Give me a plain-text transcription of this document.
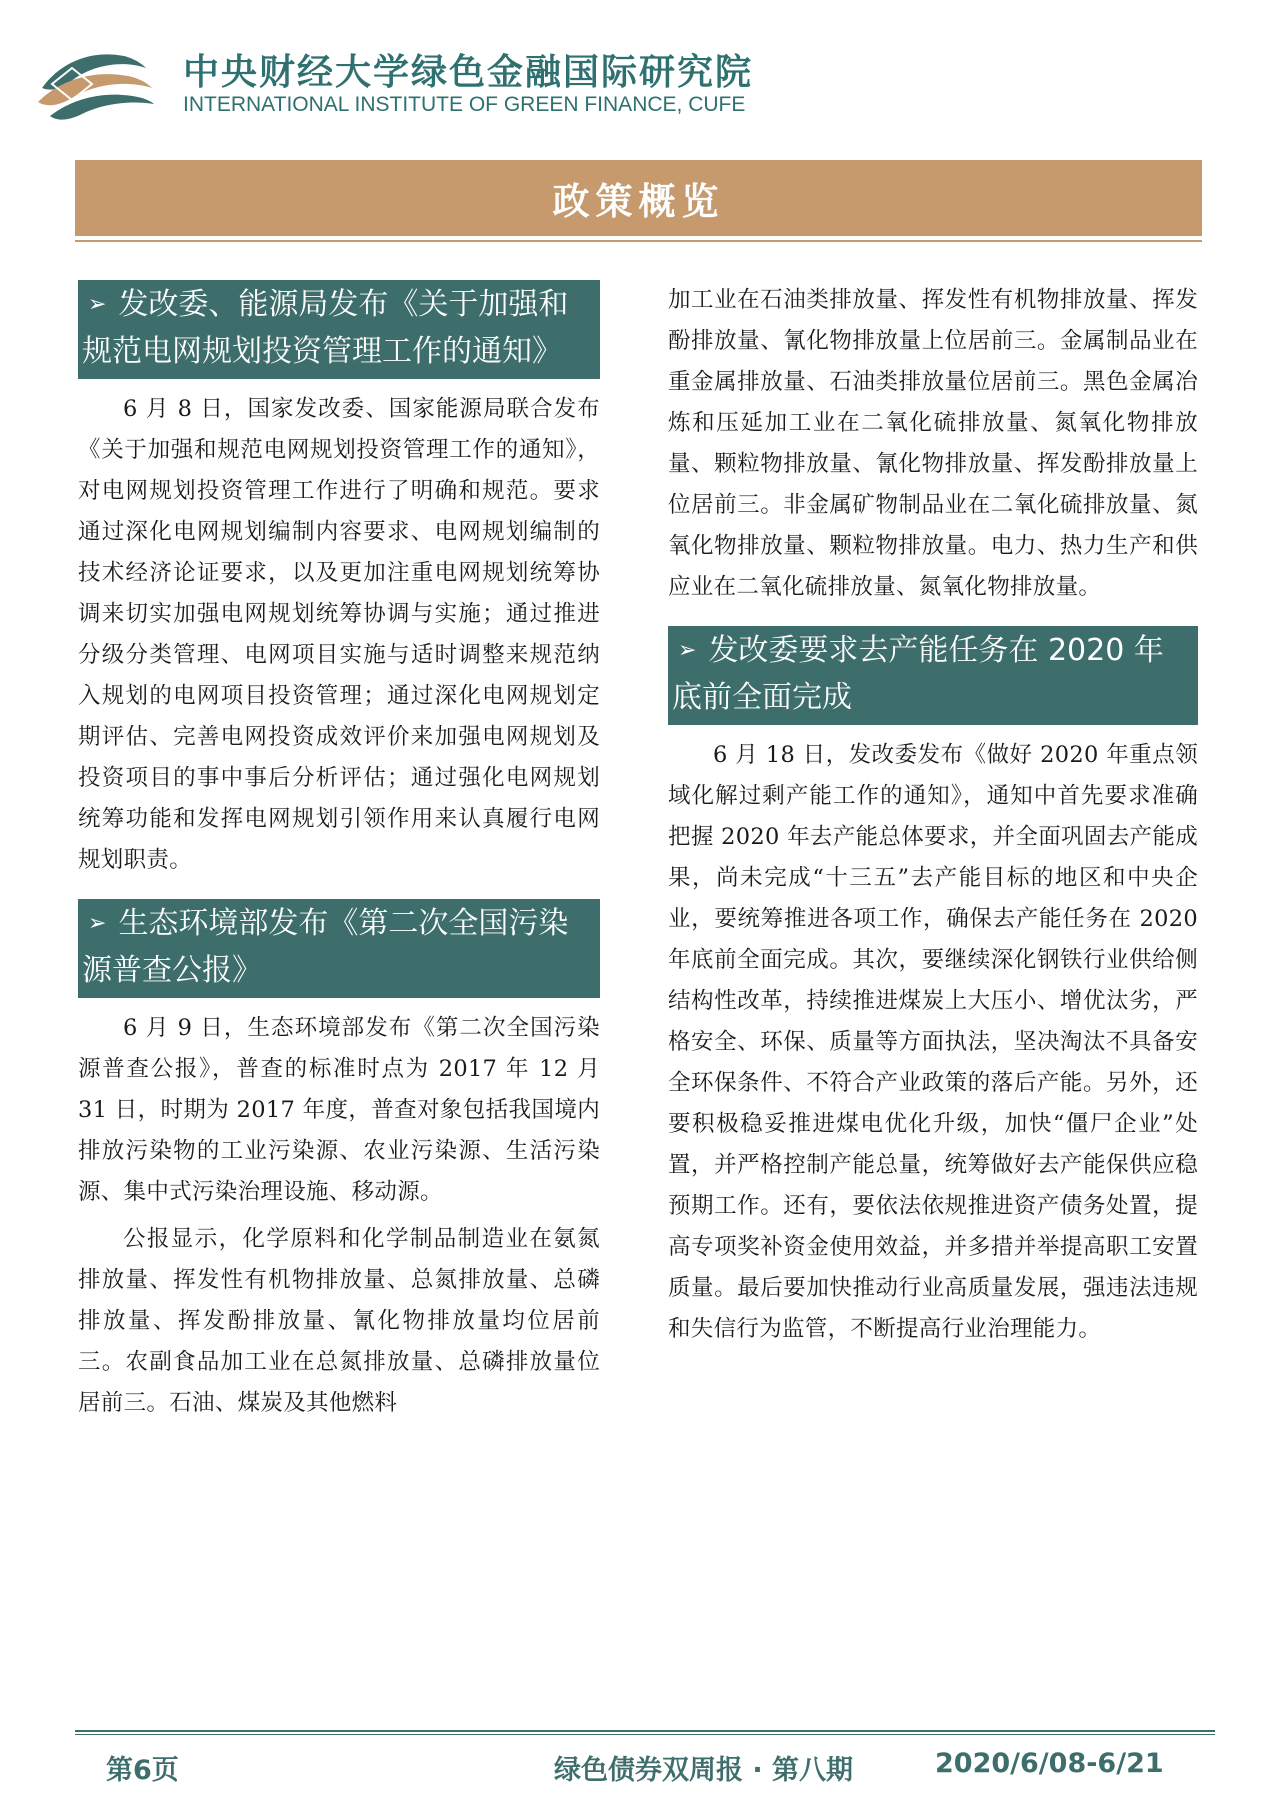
中央财经大学绿色金融国际研究院
INTERNATIONAL INSTITUTE OF GREEN FINANCE, CUFE
政策概览
➢ 发改委、能源局发布《关于加强和规范电网规划投资管理工作的通知》

6 月 8 日，国家发改委、国家能源局联合发布《关于加强和规范电网规划投资管理工作的通知》，对电网规划投资管理工作进行了明确和规范。要求通过深化电网规划编制内容要求、电网规划编制的技术经济论证要求，以及更加注重电网规划统筹协调来切实加强电网规划统筹协调与实施；通过推进分级分类管理、电网项目实施与适时调整来规范纳入规划的电网项目投资管理；通过深化电网规划定期评估、完善电网投资成效评价来加强电网规划及投资项目的事中事后分析评估；通过强化电网规划统筹功能和发挥电网规划引领作用来认真履行电网规划职责。

➢ 生态环境部发布《第二次全国污染源普查公报》

6 月 9 日，生态环境部发布《第二次全国污染源普查公报》，普查的标准时点为 2017 年 12 月 31 日，时期为 2017 年度，普查对象包括我国境内排放污染物的工业污染源、农业污染源、生活污染源、集中式污染治理设施、移动源。

公报显示，化学原料和化学制品制造业在氨氮排放量、挥发性有机物排放量、总氮排放量、总磷排放量、挥发酚排放量、氰化物排放量均位居前三。农副食品加工业在总氮排放量、总磷排放量位居前三。石油、煤炭及其他燃料

加工业在石油类排放量、挥发性有机物排放量、挥发酚排放量、氰化物排放量上位居前三。金属制品业在重金属排放量、石油类排放量位居前三。黑色金属冶炼和压延加工业在二氧化硫排放量、氮氧化物排放量、颗粒物排放量、氰化物排放量、挥发酚排放量上位居前三。非金属矿物制品业在二氧化硫排放量、氮氧化物排放量、颗粒物排放量。电力、热力生产和供应业在二氧化硫排放量、氮氧化物排放量。

➢ 发改委要求去产能任务在 2020 年底前全面完成

6 月 18 日，发改委发布《做好 2020 年重点领域化解过剩产能工作的通知》，通知中首先要求准确把握 2020 年去产能总体要求，并全面巩固去产能成果，尚未完成“十三五”去产能目标的地区和中央企业，要统筹推进各项工作，确保去产能任务在 2020 年底前全面完成。其次，要继续深化钢铁行业供给侧结构性改革，持续推进煤炭上大压小、增优汰劣，严格安全、环保、质量等方面执法，坚决淘汰不具备安全环保条件、不符合产业政策的落后产能。另外，还要积极稳妥推进煤电优化升级，加快“僵尸企业”处置，并严格控制产能总量，统筹做好去产能保供应稳预期工作。还有，要依法依规推进资产债务处置，提高专项奖补资金使用效益，并多措并举提高职工安置质量。最后要加快推动行业高质量发展，强违法违规和失信行为监管，不断提高行业治理能力。

第6页	绿色债券双周报 · 第八期	2020/6/08-6/21
